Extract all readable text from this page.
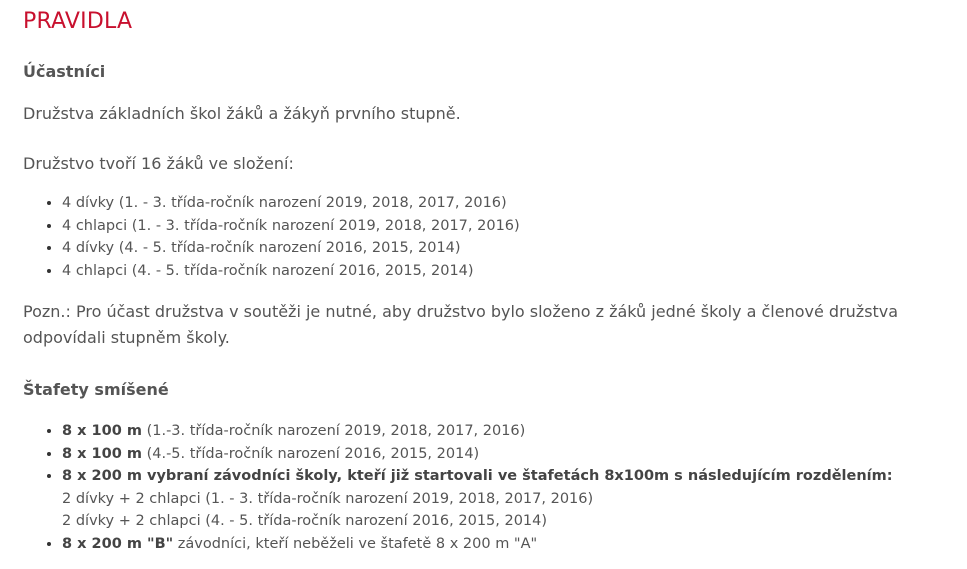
PRAVIDLA
Účastníci

Družstva základních škol žáků a žákyň prvního stupně.

Družstvo tvoří 16 žáků ve složení:

• 4 dívky (1. - 3. třída-ročník narození 2019, 2018, 2017, 2016)
• 4 chlapci (1. - 3. třída-ročník narození 2019, 2018, 2017, 2016)
• 4 dívky (4. - 5. třída-ročník narození 2016, 2015, 2014)
• 4 chlapci (4. - 5. třída-ročník narození 2016, 2015, 2014)

Pozn.: Pro účast družstva v soutěži je nutné, aby družstvo bylo složeno z žáků jedné školy a členové družstva odpovídali stupněm školy.

Štafety smíšené
• 8 x 100 m (1.-3. třída-ročník narození 2019, 2018, 2017, 2016)
• 8 x 100 m (4.-5. třída-ročník narození 2016, 2015, 2014)
• 8 x 200 m vybraní závodníci školy, kteří již startovali ve štafetách 8x100m s následujícím rozdělením:
2 dívky + 2 chlapci (1. - 3. třída-ročník narození 2019, 2018, 2017, 2016)
2 dívky + 2 chlapci (4. - 5. třída-ročník narození 2016, 2015, 2014)
• 8 x 200 m "B" závodníci, kteří neběželi ve štafetě 8 x 200 m "A"
